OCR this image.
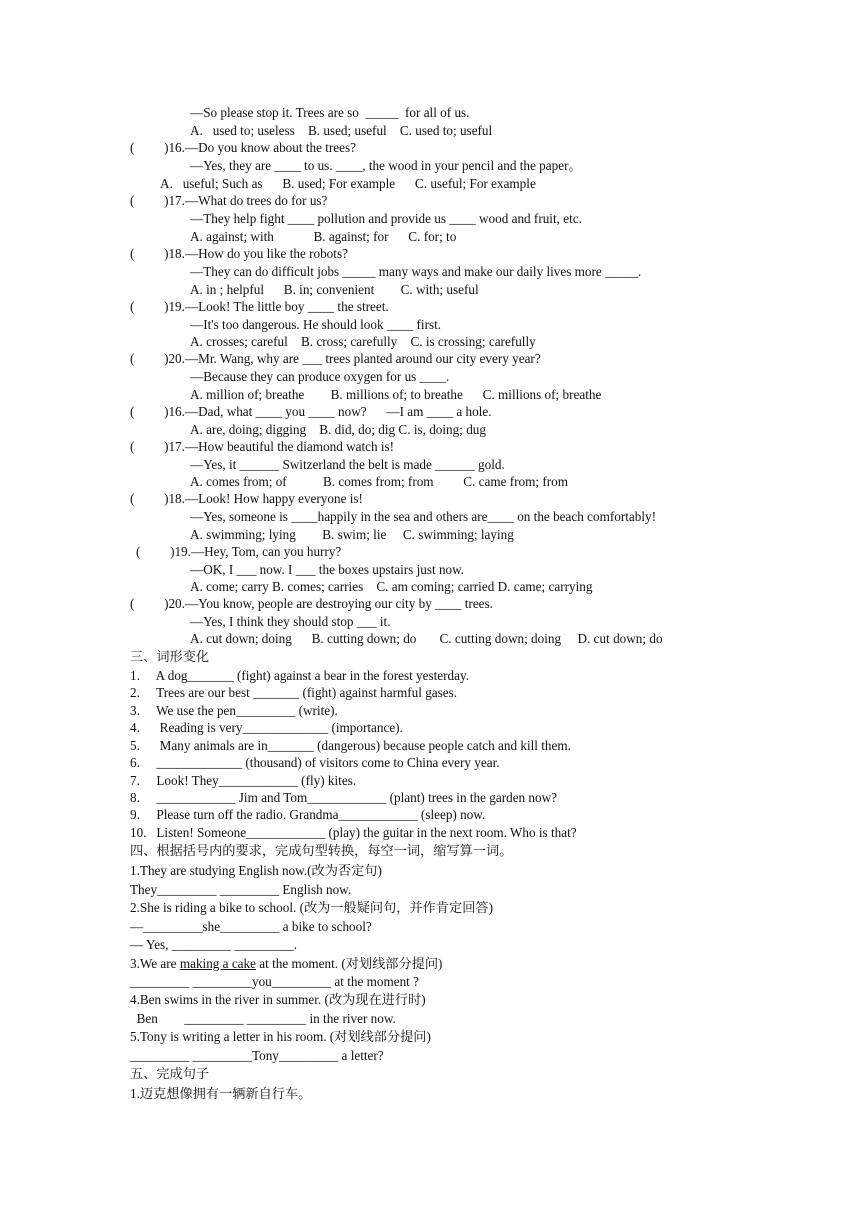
—So please stop it. Trees are so  _____  for all of us.
A.   used to; useless    B. used; useful    C. used to; useful
(         )16.—Do you know about the trees?
—Yes, they are ____ to us. ____, the wood in your pencil and the paper。
A.   useful; Such as      B. used; For example      C. useful; For example
(         )17.—What do trees do for us?
—They help fight ____ pollution and provide us ____ wood and fruit, etc.
A. against; with            B. against; for      C. for; to
(         )18.—How do you like the robots?
—They can do difficult jobs _____ many ways and make our daily lives more _____.
A. in ; helpful      B. in; convenient        C. with; useful
(         )19.—Look! The little boy ____ the street.
—It's too dangerous. He should look ____ first.
A. crosses; careful    B. cross; carefully    C. is crossing; carefully
(         )20.—Mr. Wang, why are ___ trees planted around our city every year?
—Because they can produce oxygen for us ____.
A. million of; breathe        B. millions of; to breathe      C. millions of; breathe
(         )16.—Dad, what ____ you ____ now?      —I am ____ a hole.
A. are, doing; digging    B. did, do; dig C. is, doing; dug
(         )17.—How beautiful the diamond watch is!
—Yes, it ______ Switzerland the belt is made ______ gold.
A. comes from; of           B. comes from; from         C. came from; from
(         )18.—Look! How happy everyone is!
—Yes, someone is ____happily in the sea and others are____ on the beach comfortably!
A. swimming; lying        B. swim; lie     C. swimming; laying
(         )19.—Hey, Tom, can you hurry?
—OK, I ___ now. I ___ the boxes upstairs just now.
A. come; carry B. comes; carries    C. am coming; carried D. came; carrying
(         )20.—You know, people are destroying our city by ____ trees.
—Yes, I think they should stop ___ it.
A. cut down; doing      B. cutting down; do       C. cutting down; doing     D. cut down; do
三、词形变化
1.     A dog_______ (fight) against a bear in the forest yesterday.
2.     Trees are our best _______ (fight) against harmful gases.
3.     We use the pen_________ (write).
4.      Reading is very_____________ (importance).
5.      Many animals are in_______ (dangerous) because people catch and kill them.
6.     _____________ (thousand) of visitors come to China every year.
7.     Look! They____________ (fly) kites.
8.     ____________ Jim and Tom____________ (plant) trees in the garden now?
9.     Please turn off the radio. Grandma____________ (sleep) now.
10.   Listen! Someone____________ (play) the guitar in the next room. Who is that?
四、根据括号内的要求，完成句型转换，每空一词，缩写算一词。
1.They are studying English now.(改为否定句)
They_________ _________ English now.
2.She is riding a bike to school. (改为一般疑问句，并作肯定回答)
—_________she_________ a bike to school?
— Yes, _________ _________.
3.We are making a cake at the moment. (对划线部分提问)
_________ _________you_________ at the moment ?
4.Ben swims in the river in summer. (改为现在进行时)
Ben        _________ _________ in the river now.
5.Tony is writing a letter in his room. (对划线部分提问)
_________ _________Tony_________ a letter?
五、完成句子
1.迈克想像拥有一辆新自行车。
